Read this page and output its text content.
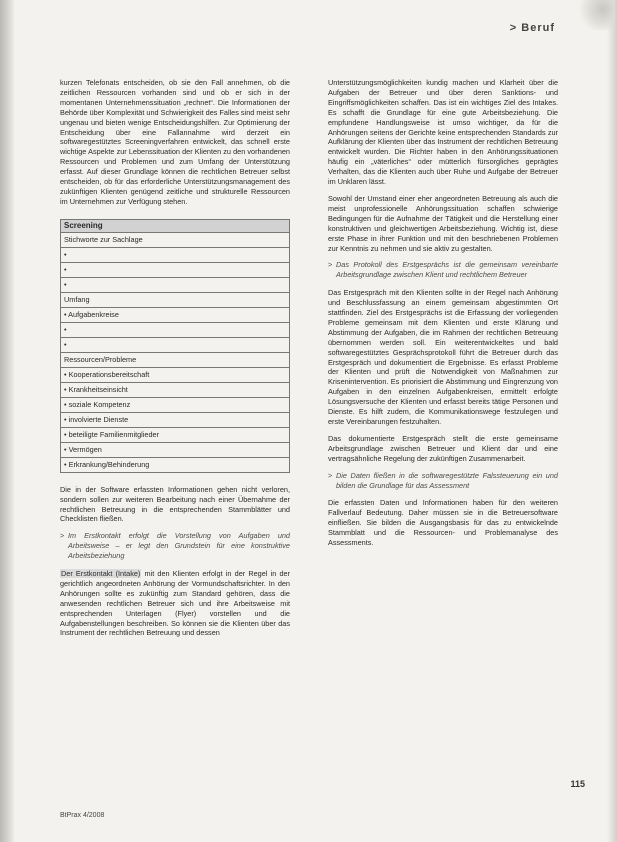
> Beruf

kurzen Telefonats entscheiden, ob sie den Fall annehmen, ob die zeitlichen Ressourcen vorhanden sind und ob er sich in der momentanen Unternehmenssituation „rechnet“. Die Informationen der Behörde über Komplexität und Schwierigkeit des Falles sind meist sehr ungenau und bieten wenige Entscheidungshilfen. Zur Optimierung der Entscheidung über eine Fallannahme wird derzeit ein softwaregestütztes Screeningverfahren entwickelt, das schnell erste wichtige Aspekte zur Lebenssituation der Klienten zu den vorhandenen Ressourcen und Problemen und zum Umfang der Unterstützung erfasst. Auf dieser Grundlage können die rechtlichen Betreuer selbst entscheiden, ob für das erforderliche Unterstützungsmanagement des zukünftigen Klienten genügend zeitliche und strukturelle Ressourcen im Unternehmen zur Verfügung stehen.

Screening
Stichworte zur Sachlage
•
•
•
Umfang
• Aufgabenkreise
•
•
Ressourcen/Probleme
• Kooperationsbereitschaft
• Krankheitseinsicht
• soziale Kompetenz
• involvierte Dienste
• beteiligte Familienmitglieder
• Vermögen
• Erkrankung/Behinderung

Die in der Software erfassten Informationen gehen nicht verloren, sondern sollen zur weiteren Bearbeitung nach einer Übernahme der rechtlichen Betreuung in die entsprechenden Stammblätter und Checklisten fließen.

> Im Erstkontakt erfolgt die Vorstellung von Aufgaben und Arbeitsweise – er legt den Grundstein für eine konstruktive Arbeitsbeziehung

Der Erstkontakt (Intake) mit den Klienten erfolgt in der Regel in der gerichtlich angeordneten Anhörung der Vormundschaftsrichter. In den Anhörungen sollte es zukünftig zum Standard gehören, dass die anwesenden rechtlichen Betreuer sich und ihre Arbeitsweise mit entsprechenden Unterlagen (Flyer) vorstellen und die Aufgabenstellungen beschreiben. So können sie die Klienten über das Instrument der rechtlichen Betreuung und dessen

Unterstützungsmöglichkeiten kundig machen und Klarheit über die Aufgaben der Betreuer und über deren Sanktions- und Eingriffsmöglichkeiten schaffen. Das ist ein wichtiges Ziel des Intakes. Es schafft die Grundlage für eine gute Arbeitsbeziehung. Die empfundene Handlungsweise ist umso wichtiger, da für die Anhörungen seitens der Gerichte keine entsprechenden Standards zur Aufklärung der Klienten über das Instrument der rechtlichen Betreuung entwickelt wurden. Die Richter haben in den Anhörungssituationen häufig ein „väterliches“ oder mütterlich fürsorgliches geprägtes Verhalten, das die Klienten auch über Ruhe und Aufgabe der Betreuer im Unklaren lässt.

Sowohl der Umstand einer eher angeordneten Betreuung als auch die meist unprofessionelle Anhörungssituation schaffen schwierige Bedingungen für die Aufnahme der Tätigkeit und die Herstellung einer konstruktiven und gleichwertigen Arbeitsbeziehung. Wichtig ist, diese erste Phase in ihrer Funktion und mit den beschriebenen Problemen zur Kenntnis zu nehmen und sie aktiv zu gestalten.

> Das Protokoll des Erstgesprächs ist die gemeinsam vereinbarte Arbeitsgrundlage zwischen Klient und rechtlichem Betreuer

Das Erstgespräch mit den Klienten sollte in der Regel nach Anhörung und Beschlussfassung an einem gemeinsam abgestimmten Ort stattfinden. Ziel des Erstgesprächs ist die Erfassung der vorliegenden Probleme gemeinsam mit dem Klienten und erste Klärung und Abstimmung der Aufgaben, die im Rahmen der rechtlichen Betreuung übernommen werden soll. Ein weiterentwickeltes und bald softwaregestütztes Gesprächsprotokoll führt die Betreuer durch das Erstgespräch und dokumentiert die Ergebnisse. Es erfasst Probleme der Klienten und prüft die Notwendigkeit von Maßnahmen zur Krisenintervention. Es priorisiert die Abstimmung und Eingrenzung von Aufgaben in den einzelnen Aufgabenkreisen, ermittelt erfolgte Lösungsversuche der Klienten und erfasst bereits tätige Personen und Dienste. Es hilft zudem, die Kommunikationswege festzulegen und erste Vereinbarungen festzuhalten.

Das dokumentierte Erstgespräch stellt die erste gemeinsame Arbeitsgrundlage zwischen Betreuer und Klient dar und eine vertragsähnliche Regelung der zukünftigen Zusammenarbeit.

> Die Daten fließen in die softwaregestützte Falssteuerung ein und bilden die Grundlage für das Assessment

Die erfassten Daten und Informationen haben für den weiteren Fallverlauf Bedeutung. Daher müssen sie in die Betreuersoftware einfließen. Sie bilden die Ausgangsbasis für das zu entwickelnde Stammblatt und die Ressourcen- und Problemanalyse des Assessments.

BtPrax 4/2008
115
